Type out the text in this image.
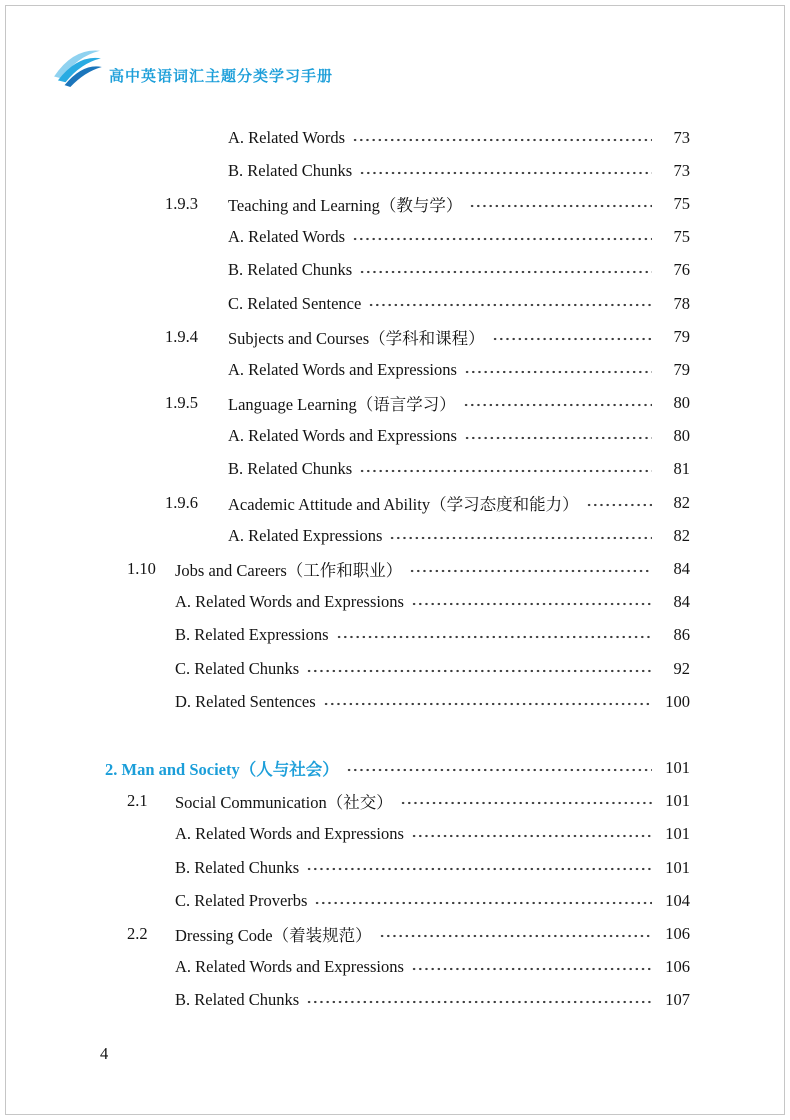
高中英语词汇主题分类学习手册
A. Related Words	73
B. Related Chunks	73
1.9.3	Teaching and Learning（教与学）	75
A. Related Words	75
B. Related Chunks	76
C. Related Sentence	78
1.9.4	Subjects and Courses（学科和课程）	79
A. Related Words and Expressions	79
1.9.5	Language Learning（语言学习）	80
A. Related Words and Expressions	80
B. Related Chunks	81
1.9.6	Academic Attitude and Ability（学习态度和能力）	82
A. Related Expressions	82
1.10	Jobs and Careers（工作和职业）	84
A. Related Words and Expressions	84
B. Related Expressions	86
C. Related Chunks	92
D. Related Sentences	100
2. Man and Society（人与社会）	101
2.1	Social Communication（社交）	101
A. Related Words and Expressions	101
B. Related Chunks	101
C. Related Proverbs	104
2.2	Dressing Code（着装规范）	106
A. Related Words and Expressions	106
B. Related Chunks	107
4
